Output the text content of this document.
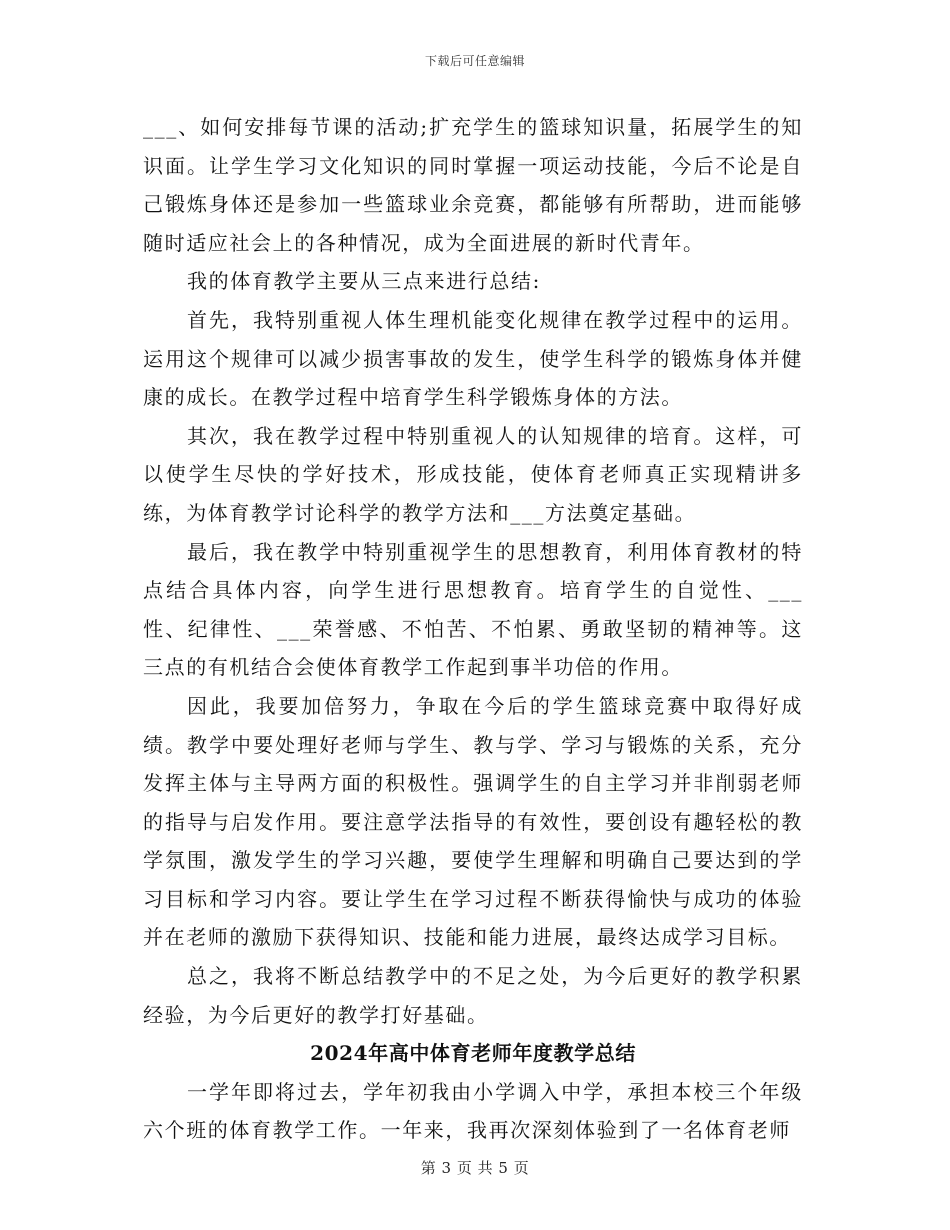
下载后可任意编辑

___、如何安排每节课的活动;扩充学生的篮球知识量，拓展学生的知识面。让学生学习文化知识的同时掌握一项运动技能，今后不论是自己锻炼身体还是参加一些篮球业余竞赛，都能够有所帮助，进而能够随时适应社会上的各种情况，成为全面进展的新时代青年。

我的体育教学主要从三点来进行总结:

首先，我特别重视人体生理机能变化规律在教学过程中的运用。运用这个规律可以减少损害事故的发生，使学生科学的锻炼身体并健康的成长。在教学过程中培育学生科学锻炼身体的方法。

其次，我在教学过程中特别重视人的认知规律的培育。这样，可以使学生尽快的学好技术，形成技能，使体育老师真正实现精讲多练，为体育教学讨论科学的教学方法和___方法奠定基础。

最后，我在教学中特别重视学生的思想教育，利用体育教材的特点结合具体内容，向学生进行思想教育。培育学生的自觉性、___性、纪律性、___荣誉感、不怕苦、不怕累、勇敢坚韧的精神等。这三点的有机结合会使体育教学工作起到事半功倍的作用。

因此，我要加倍努力，争取在今后的学生篮球竞赛中取得好成绩。教学中要处理好老师与学生、教与学、学习与锻炼的关系，充分发挥主体与主导两方面的积极性。强调学生的自主学习并非削弱老师的指导与启发作用。要注意学法指导的有效性，要创设有趣轻松的教学氛围，激发学生的学习兴趣，要使学生理解和明确自己要达到的学习目标和学习内容。要让学生在学习过程不断获得愉快与成功的体验并在老师的激励下获得知识、技能和能力进展，最终达成学习目标。

总之，我将不断总结教学中的不足之处，为今后更好的教学积累经验，为今后更好的教学打好基础。

2024年高中体育老师年度教学总结

一学年即将过去，学年初我由小学调入中学，承担本校三个年级六个班的体育教学工作。一年来，我再次深刻体验到了一名体育老师

第 3 页 共 5 页
